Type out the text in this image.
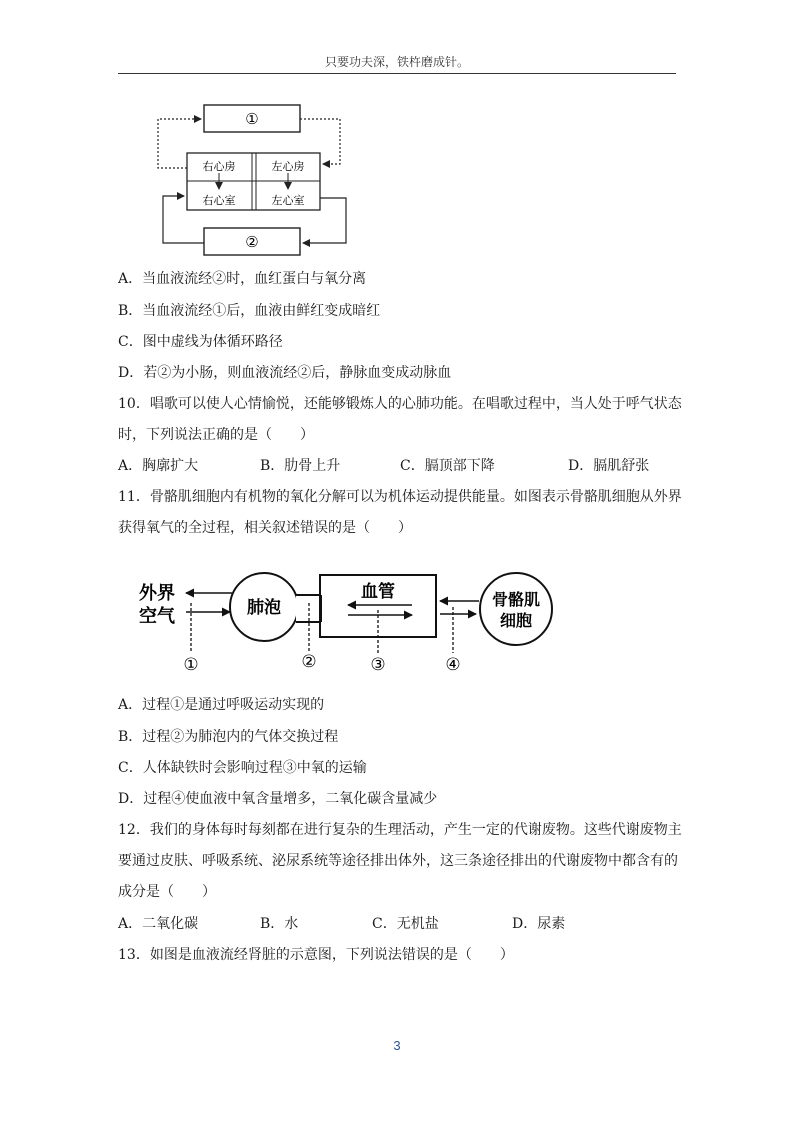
只要功夫深，铁杵磨成针。
①
②
右心房	左心房
右心室	左心室
A．当血液流经②时，血红蛋白与氧分离
B．当血液流经①后，血液由鲜红变成暗红
C．图中虚线为体循环路径
D．若②为小肠，则血液流经②后，静脉血变成动脉血
10．唱歌可以使人心情愉悦，还能够锻炼人的心肺功能。在唱歌过程中，当人处于呼气状态
时，下列说法正确的是（　　）
A．胸廓扩大	B．肋骨上升	C．膈顶部下降	D．膈肌舒张
11．骨骼肌细胞内有机物的氧化分解可以为机体运动提供能量。如图表示骨骼肌细胞从外界
获得氧气的全过程，相关叙述错误的是（　　）
外界
空气	肺泡
血管	骨骼肌
细胞
①	②	③	④
A．过程①是通过呼吸运动实现的
B．过程②为肺泡内的气体交换过程
C．人体缺铁时会影响过程③中氧的运输
D．过程④使血液中氧含量增多，二氧化碳含量减少
12．我们的身体每时每刻都在进行复杂的生理活动，产生一定的代谢废物。这些代谢废物主
要通过皮肤、呼吸系统、泌尿系统等途径排出体外，这三条途径排出的代谢废物中都含有的
成分是（　　）
A．二氧化碳	B．水	C．无机盐	D．尿素
13．如图是血液流经肾脏的示意图，下列说法错误的是（　　）
3
